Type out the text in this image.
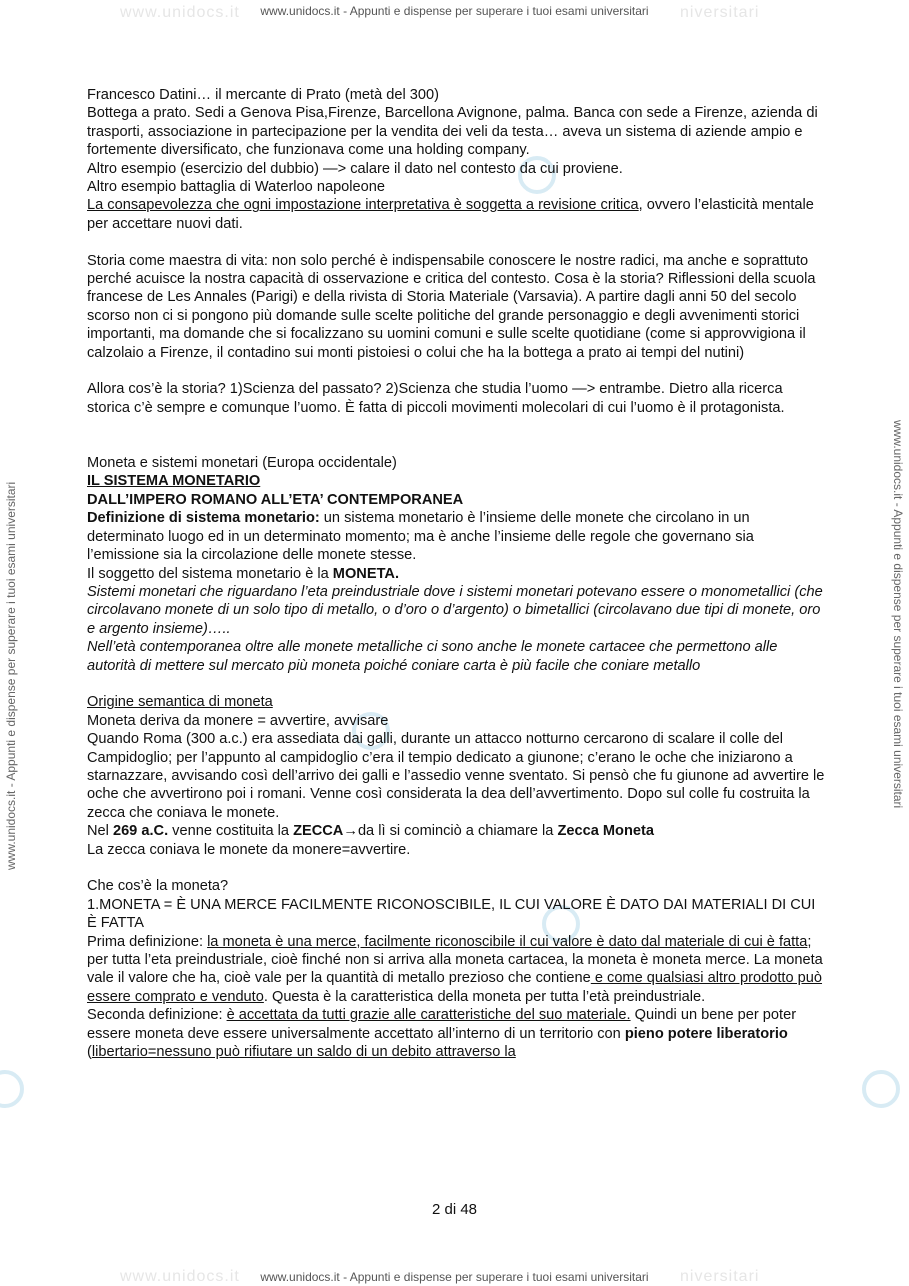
www.unidocs.it	niversitari
www.unidocs.it - Appunti e dispense per superare i tuoi esami universitari
www.unidocs.it	niversitari
www.unidocs.it - Appunti e dispense per superare i tuoi esami universitari
www.unidocs.it - Appunti e dispense per superare i tuoi esami universitari	www.unidocs.it - Appunti e dispense per superare i tuoi esami universitari

Francesco Datini… il mercante di Prato (metà del 300)

Bottega a prato. Sedi a Genova Pisa,Firenze, Barcellona Avignone, palma. Banca con sede a Firenze, azienda di trasporti, associazione in partecipazione per la vendita dei veli da testa… aveva un sistema di aziende ampio e fortemente diversificato, che funzionava come una holding company.

Altro esempio (esercizio del dubbio) —> calare il dato nel contesto da cui proviene.

Altro esempio battaglia di Waterloo napoleone

La consapevolezza che ogni impostazione interpretativa è soggetta a revisione critica, ovvero l’elasticità mentale per accettare nuovi dati.

Storia come maestra di vita: non solo perché è indispensabile conoscere le nostre radici, ma anche e soprattuto perché acuisce la nostra capacità di osservazione e critica del contesto. Cosa è la storia? Riflessioni della scuola francese de Les Annales (Parigi) e della rivista di Storia Materiale (Varsavia). A partire dagli anni 50 del secolo scorso non ci si pongono più domande sulle scelte politiche del grande personaggio e degli avvenimenti storici importanti, ma domande che si focalizzano su uomini comuni e sulle scelte quotidiane (come si approvvigiona il calzolaio a Firenze, il contadino sui monti pistoiesi o colui che ha la bottega a prato ai tempi del nutini)

Allora cos’è la storia? 1)Scienza del passato? 2)Scienza che studia l’uomo —> entrambe. Dietro alla ricerca storica c’è sempre e comunque l’uomo. È fatta di piccoli movimenti molecolari di cui l’uomo è il protagonista.

Moneta e sistemi monetari (Europa occidentale)

IL SISTEMA MONETARIO

DALL’IMPERO ROMANO ALL’ETA’ CONTEMPORANEA

Definizione di sistema monetario: un sistema monetario è l’insieme delle monete che circolano in un determinato luogo ed in un determinato momento; ma è anche l’insieme delle regole che governano sia l’emissione sia la circolazione delle monete stesse.

Il soggetto del sistema monetario è la MONETA.

Sistemi monetari che riguardano l’eta preindustriale dove i sistemi monetari potevano essere o monometallici (che circolavano monete di un solo tipo di metallo, o d’oro o d’argento) o bimetallici (circolavano due tipi di monete, oro e argento insieme)…..

Nell’età contemporanea oltre alle monete metalliche ci sono anche le monete cartacee che permettono alle autorità di mettere sul mercato più moneta poiché coniare carta è più facile che coniare metallo

Origine semantica di moneta

Moneta deriva da monere = avvertire, avvisare

Quando Roma (300 a.c.) era assediata dai galli, durante un attacco notturno cercarono di scalare il colle del Campidoglio; per l’appunto al campidoglio c’era il tempio dedicato a giunone; c’erano le oche che iniziarono a starnazzare, avvisando così dell’arrivo dei galli e l’assedio venne sventato. Si pensò che fu giunone ad avvertire le oche che avvertirono poi i romani. Venne così considerata la dea dell’avvertimento. Dopo sul colle fu costruita la zecca che coniava le monete.

Nel 269 a.C. venne costituita la ZECCA→da lì si cominciò a chiamare la Zecca Moneta

La zecca coniava le monete da monere=avvertire.

Che cos’è la moneta?

1.MONETA = È UNA MERCE FACILMENTE RICONOSCIBILE, IL CUI VALORE È DATO DAI MATERIALI DI CUI È FATTA

Prima definizione: la moneta è una merce, facilmente riconoscibile il cui valore è dato dal materiale di cui è fatta; per tutta l’eta preindustriale, cioè finché non si arriva alla moneta cartacea, la moneta è moneta merce. La moneta vale il valore che ha, cioè vale per la quantità di metallo prezioso che contiene e come qualsiasi altro prodotto può essere comprato e venduto. Questa è la caratteristica della moneta per tutta l’età preindustriale.

Seconda definizione: è accettata da tutti grazie alle caratteristiche del suo materiale. Quindi un bene per poter essere moneta deve essere universalmente accettato all’interno di un territorio con pieno potere liberatorio (libertario=nessuno può rifiutare un saldo di un debito attraverso la

2 di 48
